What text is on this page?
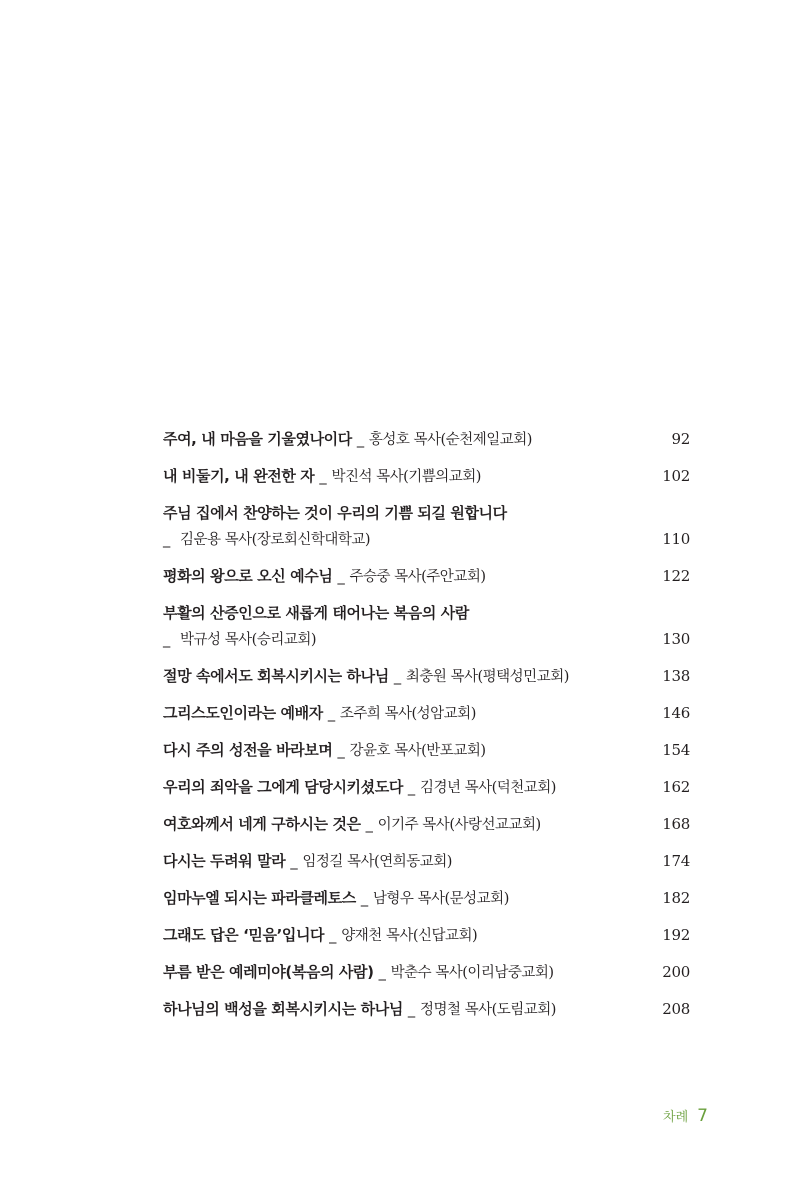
주여, 내 마음을 기울였나이다 _ 홍성호 목사(순천제일교회)	92
내 비둘기, 내 완전한 자 _ 박진석 목사(기쁨의교회)	102
주님 집에서 찬양하는 것이 우리의 기쁨 되길 원합니다
_ 김운용 목사(장로회신학대학교)	110
평화의 왕으로 오신 예수님 _ 주승중 목사(주안교회)	122
부활의 산증인으로 새롭게 태어나는 복음의 사람
_ 박규성 목사(승리교회)	130
절망 속에서도 회복시키시는 하나님 _ 최충원 목사(평택성민교회)	138
그리스도인이라는 예배자 _ 조주희 목사(성암교회)	146
다시 주의 성전을 바라보며 _ 강윤호 목사(반포교회)	154
우리의 죄악을 그에게 담당시키셨도다 _ 김경년 목사(덕천교회)	162
여호와께서 네게 구하시는 것은 _ 이기주 목사(사랑선교교회)	168
다시는 두려워 말라 _ 임정길 목사(연희동교회)	174
임마누엘 되시는 파라클레토스 _ 남형우 목사(문성교회)	182
그래도 답은 ‘믿음’입니다 _ 양재천 목사(신답교회)	192
부름 받은 예레미야(복음의 사람) _ 박춘수 목사(이리남중교회)	200
하나님의 백성을 회복시키시는 하나님 _ 정명철 목사(도림교회)	208
차례 7
